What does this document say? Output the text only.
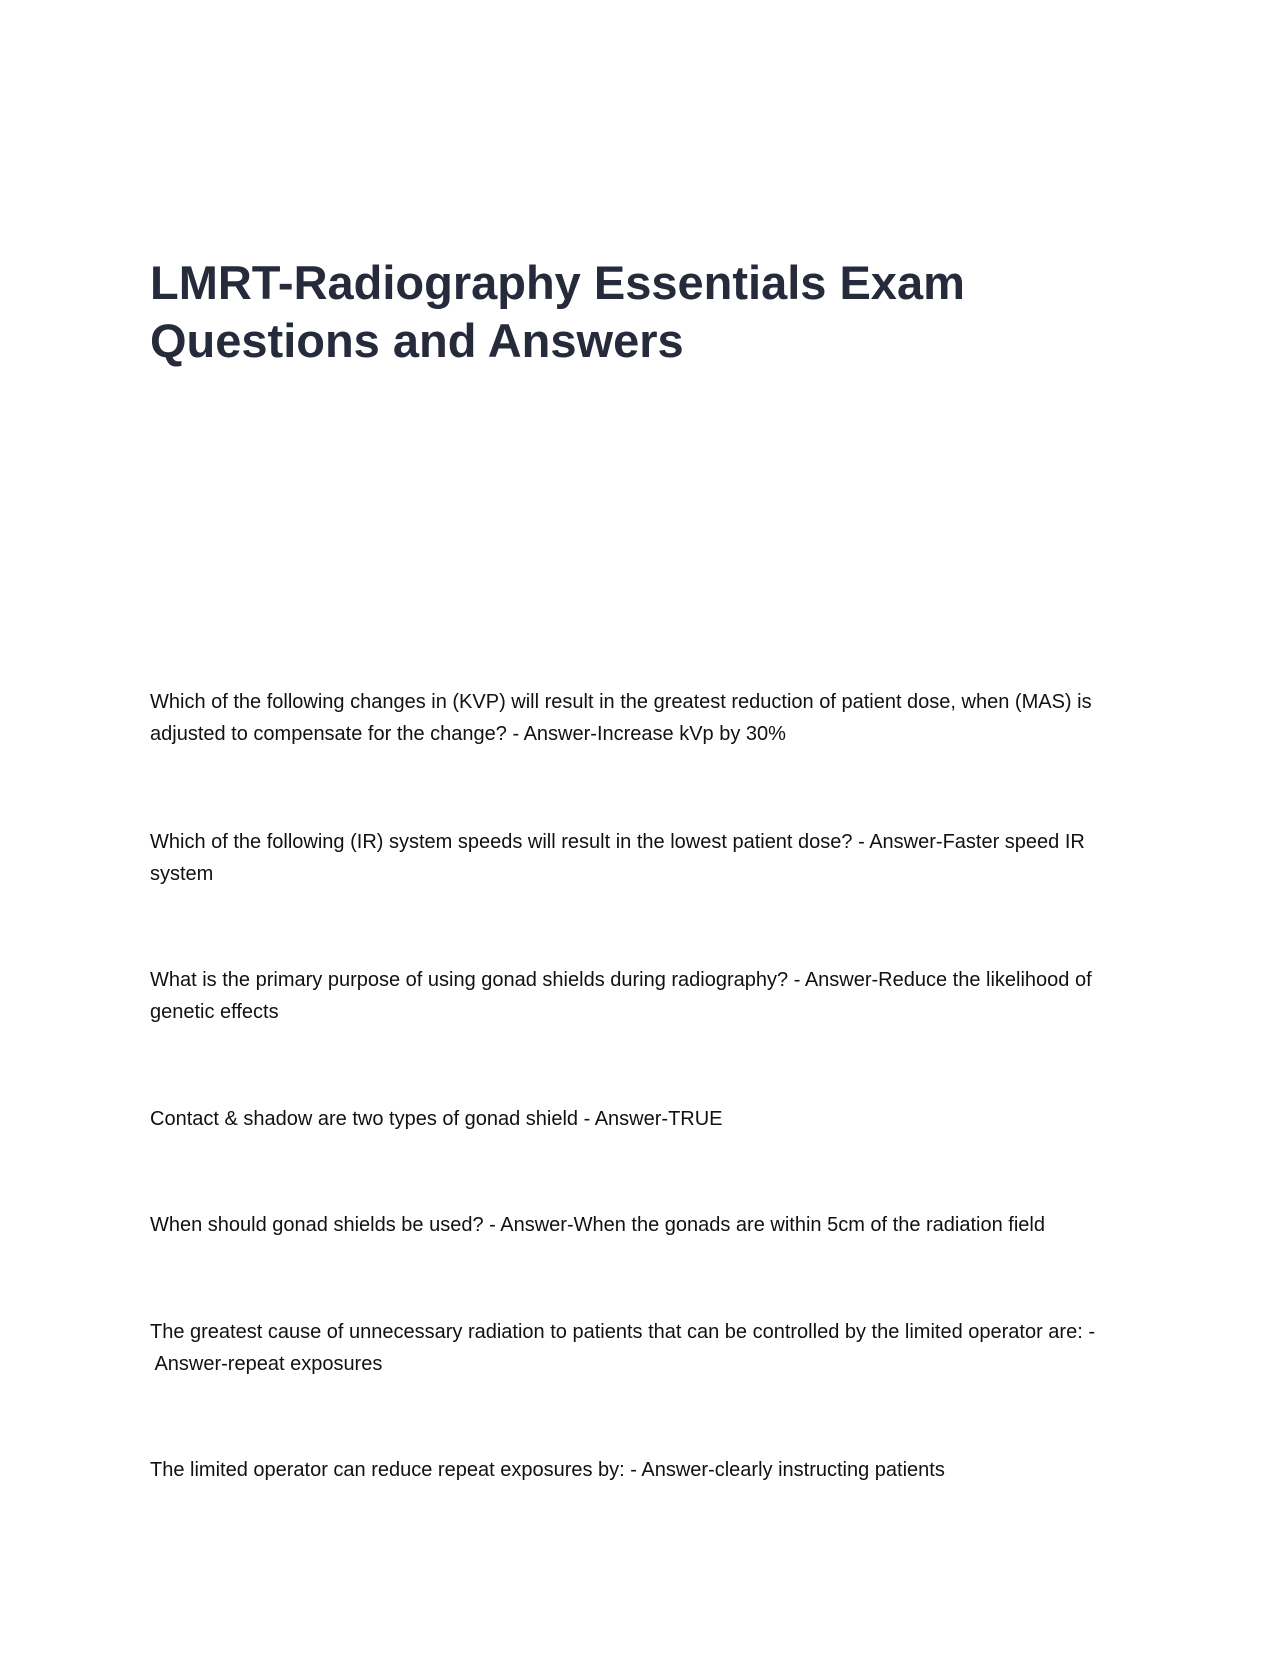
LMRT-Radiography Essentials Exam Questions and Answers

Which of the following changes in (KVP) will result in the greatest reduction of patient dose, when (MAS) is adjusted to compensate for the change? - Answer-Increase kVp by 30%

Which of the following (IR) system speeds will result in the lowest patient dose? - Answer-Faster speed IR system

What is the primary purpose of using gonad shields during radiography? - Answer-Reduce the likelihood of genetic effects

Contact & shadow are two types of gonad shield - Answer-TRUE

When should gonad shields be used? - Answer-When the gonads are within 5cm of the radiation field

The greatest cause of unnecessary radiation to patients that can be controlled by the limited operator are: - Answer-repeat exposures

The limited operator can reduce repeat exposures by: - Answer-clearly instructing patients
